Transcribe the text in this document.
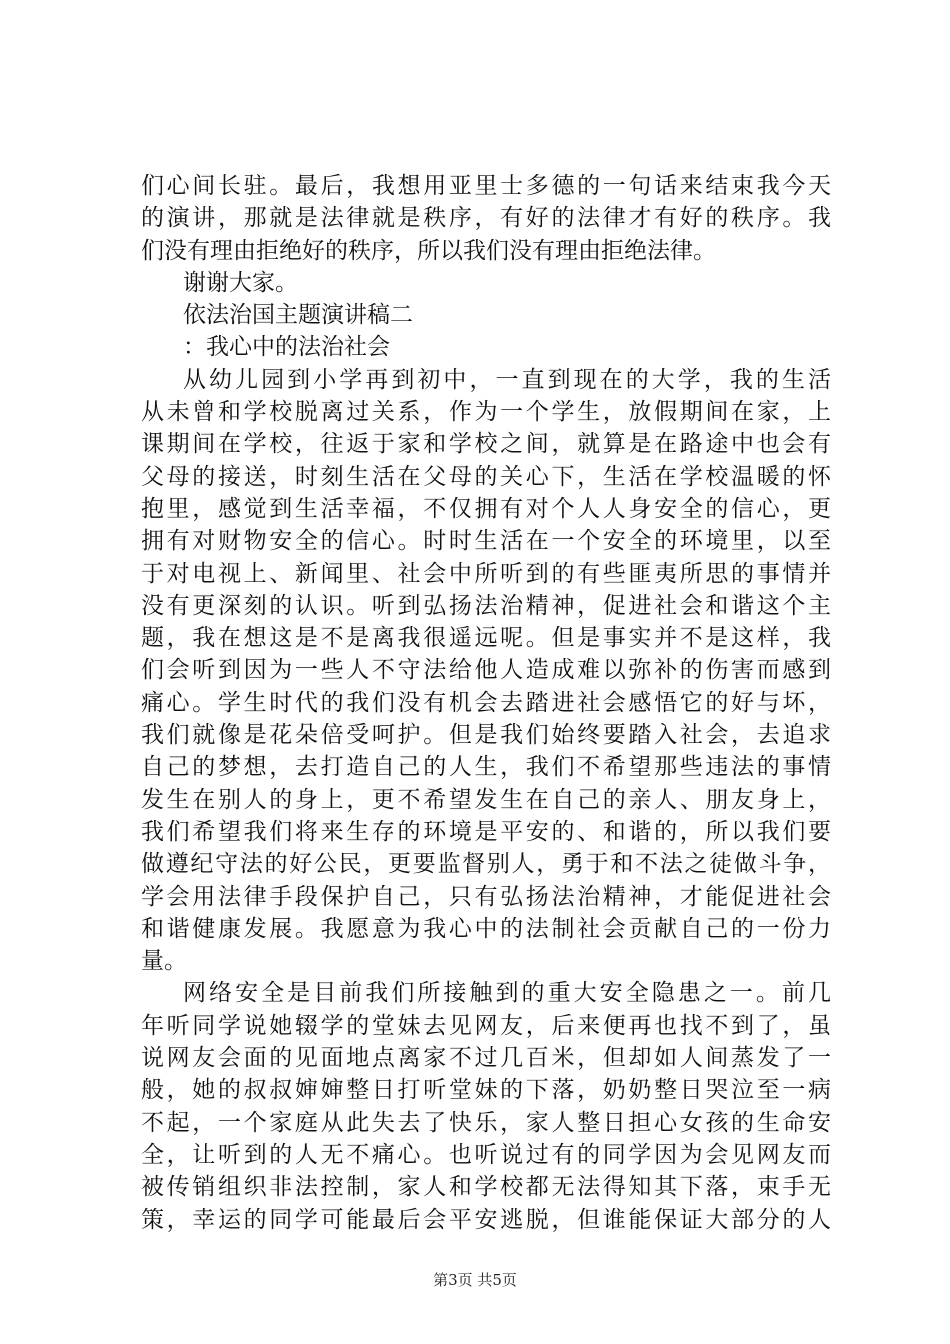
们心间长驻。最后，我想用亚里士多德的一句话来结束我今天
的演讲，那就是法律就是秩序，有好的法律才有好的秩序。我
们没有理由拒绝好的秩序，所以我们没有理由拒绝法律。
谢谢大家。
依法治国主题演讲稿二
：我心中的法治社会
从幼儿园到小学再到初中，一直到现在的大学，我的生活
从未曾和学校脱离过关系，作为一个学生，放假期间在家，上
课期间在学校，往返于家和学校之间，就算是在路途中也会有
父母的接送，时刻生活在父母的关心下，生活在学校温暖的怀
抱里，感觉到生活幸福，不仅拥有对个人人身安全的信心，更
拥有对财物安全的信心。时时生活在一个安全的环境里，以至
于对电视上、新闻里、社会中所听到的有些匪夷所思的事情并
没有更深刻的认识。听到弘扬法治精神，促进社会和谐这个主
题，我在想这是不是离我很遥远呢。但是事实并不是这样，我
们会听到因为一些人不守法给他人造成难以弥补的伤害而感到
痛心。学生时代的我们没有机会去踏进社会感悟它的好与坏，
我们就像是花朵倍受呵护。但是我们始终要踏入社会，去追求
自己的梦想，去打造自己的人生，我们不希望那些违法的事情
发生在别人的身上，更不希望发生在自己的亲人、朋友身上，
我们希望我们将来生存的环境是平安的、和谐的，所以我们要
做遵纪守法的好公民，更要监督别人，勇于和不法之徒做斗争，
学会用法律手段保护自己，只有弘扬法治精神，才能促进社会
和谐健康发展。我愿意为我心中的法制社会贡献自己的一份力
量。
网络安全是目前我们所接触到的重大安全隐患之一。前几
年听同学说她辍学的堂妹去见网友，后来便再也找不到了，虽
说网友会面的见面地点离家不过几百米，但却如人间蒸发了一
般，她的叔叔婶婶整日打听堂妹的下落，奶奶整日哭泣至一病
不起，一个家庭从此失去了快乐，家人整日担心女孩的生命安
全，让听到的人无不痛心。也听说过有的同学因为会见网友而
被传销组织非法控制，家人和学校都无法得知其下落，束手无
策，幸运的同学可能最后会平安逃脱，但谁能保证大部分的人
第3页 共5页
